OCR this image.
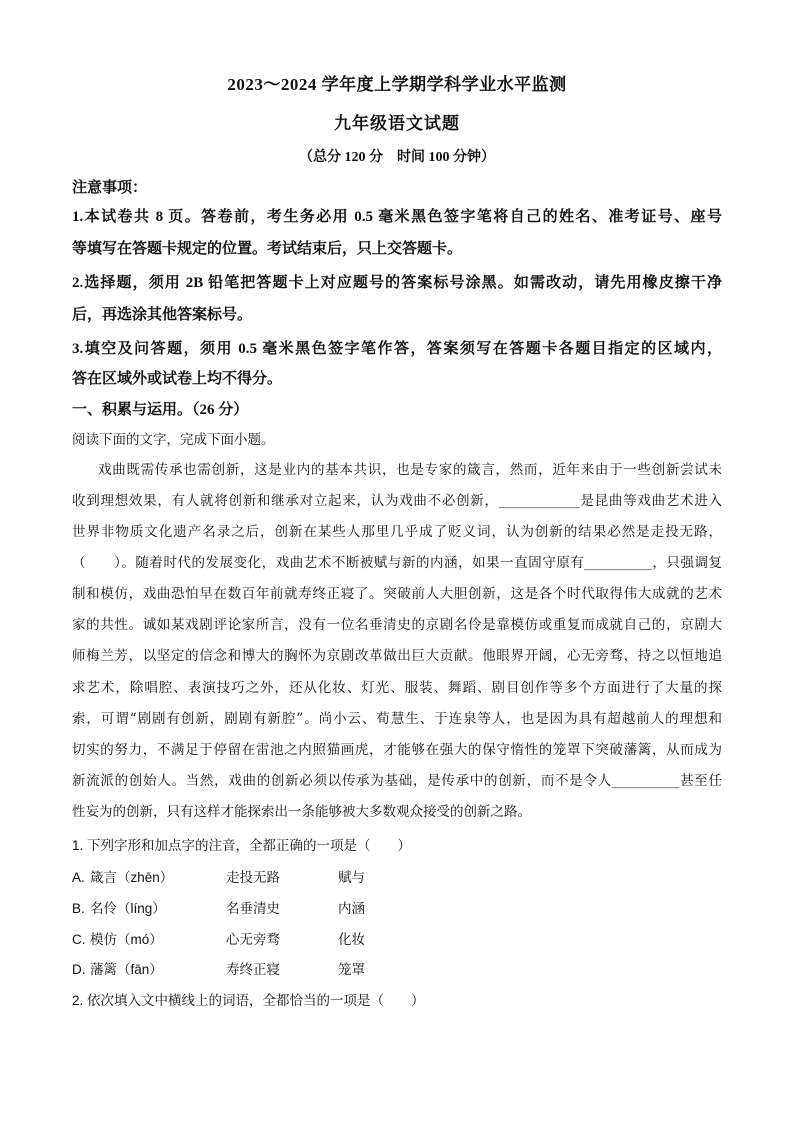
2023～2024 学年度上学期学科学业水平监测
九年级语文试题
（总分 120 分　时间 100 分钟）
注意事项：
1.本试卷共 8 页。答卷前，考生务必用 0.5 毫米黑色签字笔将自己的姓名、准考证号、座号
等填写在答题卡规定的位置。考试结束后，只上交答题卡。
2.选择题，须用 2B 铅笔把答题卡上对应题号的答案标号涂黑。如需改动，请先用橡皮擦干净
后，再选涂其他答案标号。
3.填空及问答题，须用 0.5 毫米黑色签字笔作答，答案须写在答题卡各题目指定的区域内，
答在区域外或试卷上均不得分。
一、积累与运用。（26 分）
阅读下面的文字，完成下面小题。
戏曲既需传承也需创新，这是业内的基本共识，也是专家的箴言，然而，近年来由于一些创新尝试未
收到理想效果，有人就将创新和继承对立起来，认为戏曲不必创新，____________是昆曲等戏曲艺术进入
世界非物质文化遗产名录之后，创新在某些人那里几乎成了贬义词，认为创新的结果必然是走投无路，
（　　）。随着时代的发展变化，戏曲艺术不断被赋与新的内涵，如果一直固守原有__________，只强调复
制和模仿，戏曲恐怕早在数百年前就寿终正寝了。突破前人大胆创新，这是各个时代取得伟大成就的艺术
家的共性。诚如某戏剧评论家所言，没有一位名垂清史的京剧名伶是靠模仿或重复而成就自己的，京剧大
师梅兰芳，以坚定的信念和博大的胸怀为京剧改革做出巨大贡献。他眼界开阔，心无旁骛，持之以恒地追
求艺术，除唱腔、表演技巧之外，还从化妆、灯光、服装、舞蹈、剧目创作等多个方面进行了大量的探
索，可谓“剧剧有创新，剧剧有新腔”。尚小云、荀慧生、于连泉等人，也是因为具有超越前人的理想和
切实的努力，不满足于停留在雷池之内照猫画虎，才能够在强大的保守惰性的笼罩下突破藩篱，从而成为
新流派的创始人。当然，戏曲的创新必须以传承为基础，是传承中的创新，而不是令人__________甚至任
性妄为的创新，只有这样才能探索出一条能够被大多数观众接受的创新之路。
1. 下列字形和加点字的注音，全都正确的一项是（　　）
A. 箴言（zhēn）	走投无路	赋与
B. 名伶（líng）	名垂清史	内涵
C. 模仿（mó）	心无旁骛	化妆
D. 藩篱（fān）	寿终正寝	笼罩
2. 依次填入文中横线上的词语，全都恰当的一项是（　　）
